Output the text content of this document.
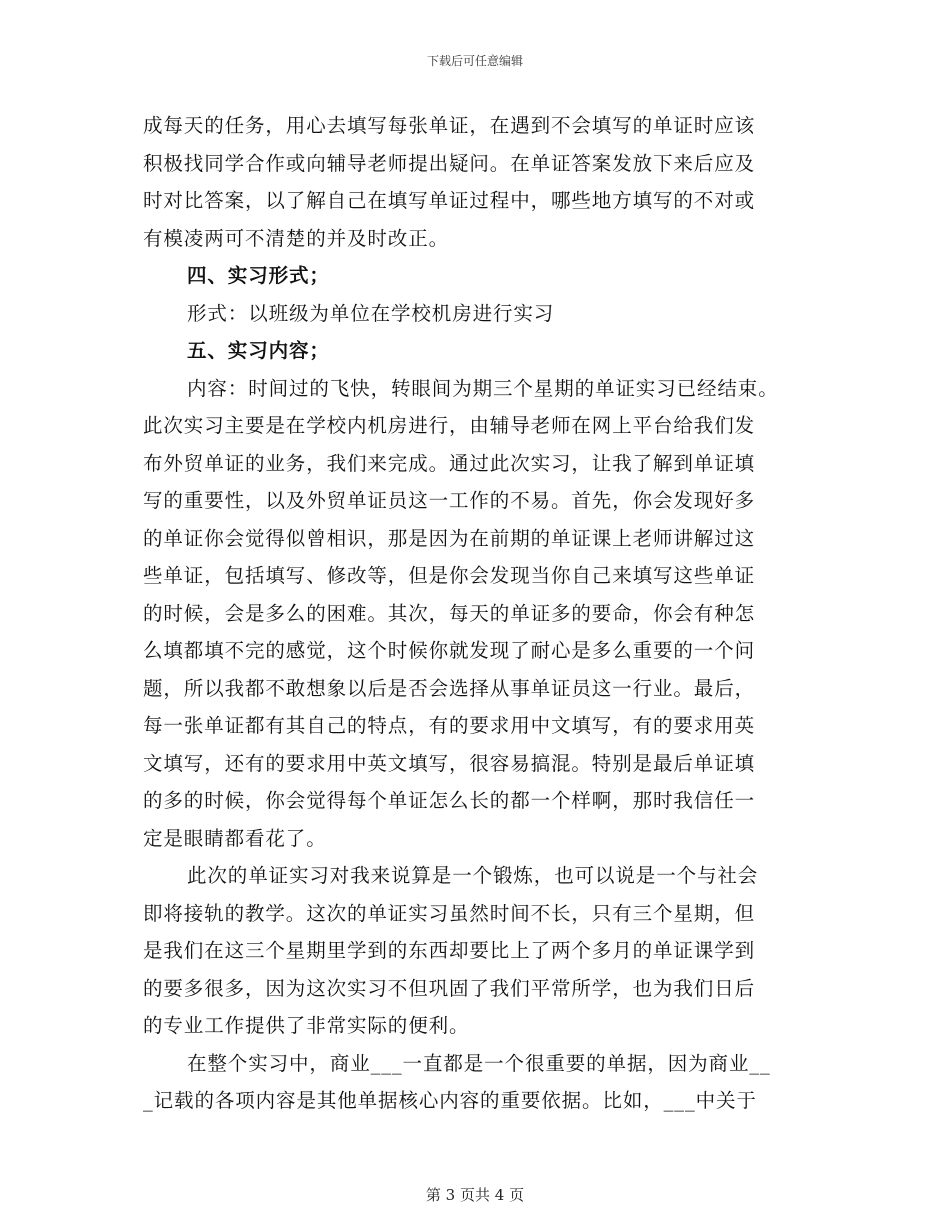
下载后可任意编辑
成每天的任务，用心去填写每张单证，在遇到不会填写的单证时应该
积极找同学合作或向辅导老师提出疑问。在单证答案发放下来后应及
时对比答案，以了解自己在填写单证过程中，哪些地方填写的不对或
有模凌两可不清楚的并及时改正。
四、实习形式；
形式：以班级为单位在学校机房进行实习
五、实习内容；
内容：时间过的飞快，转眼间为期三个星期的单证实习已经结束。
此次实习主要是在学校内机房进行，由辅导老师在网上平台给我们发
布外贸单证的业务，我们来完成。通过此次实习，让我了解到单证填
写的重要性，以及外贸单证员这一工作的不易。首先，你会发现好多
的单证你会觉得似曾相识，那是因为在前期的单证课上老师讲解过这
些单证，包括填写、修改等，但是你会发现当你自己来填写这些单证
的时候，会是多么的困难。其次，每天的单证多的要命，你会有种怎
么填都填不完的感觉，这个时候你就发现了耐心是多么重要的一个问
题，所以我都不敢想象以后是否会选择从事单证员这一行业。最后，
每一张单证都有其自己的特点，有的要求用中文填写，有的要求用英
文填写，还有的要求用中英文填写，很容易搞混。特别是最后单证填
的多的时候，你会觉得每个单证怎么长的都一个样啊，那时我信任一
定是眼睛都看花了。
此次的单证实习对我来说算是一个锻炼，也可以说是一个与社会
即将接轨的教学。这次的单证实习虽然时间不长，只有三个星期，但
是我们在这三个星期里学到的东西却要比上了两个多月的单证课学到
的要多很多，因为这次实习不但巩固了我们平常所学，也为我们日后
的专业工作提供了非常实际的便利。
在整个实习中，商业___一直都是一个很重要的单据，因为商业__
_记载的各项内容是其他单据核心内容的重要依据。比如，___中关于
第 3 页共 4 页
